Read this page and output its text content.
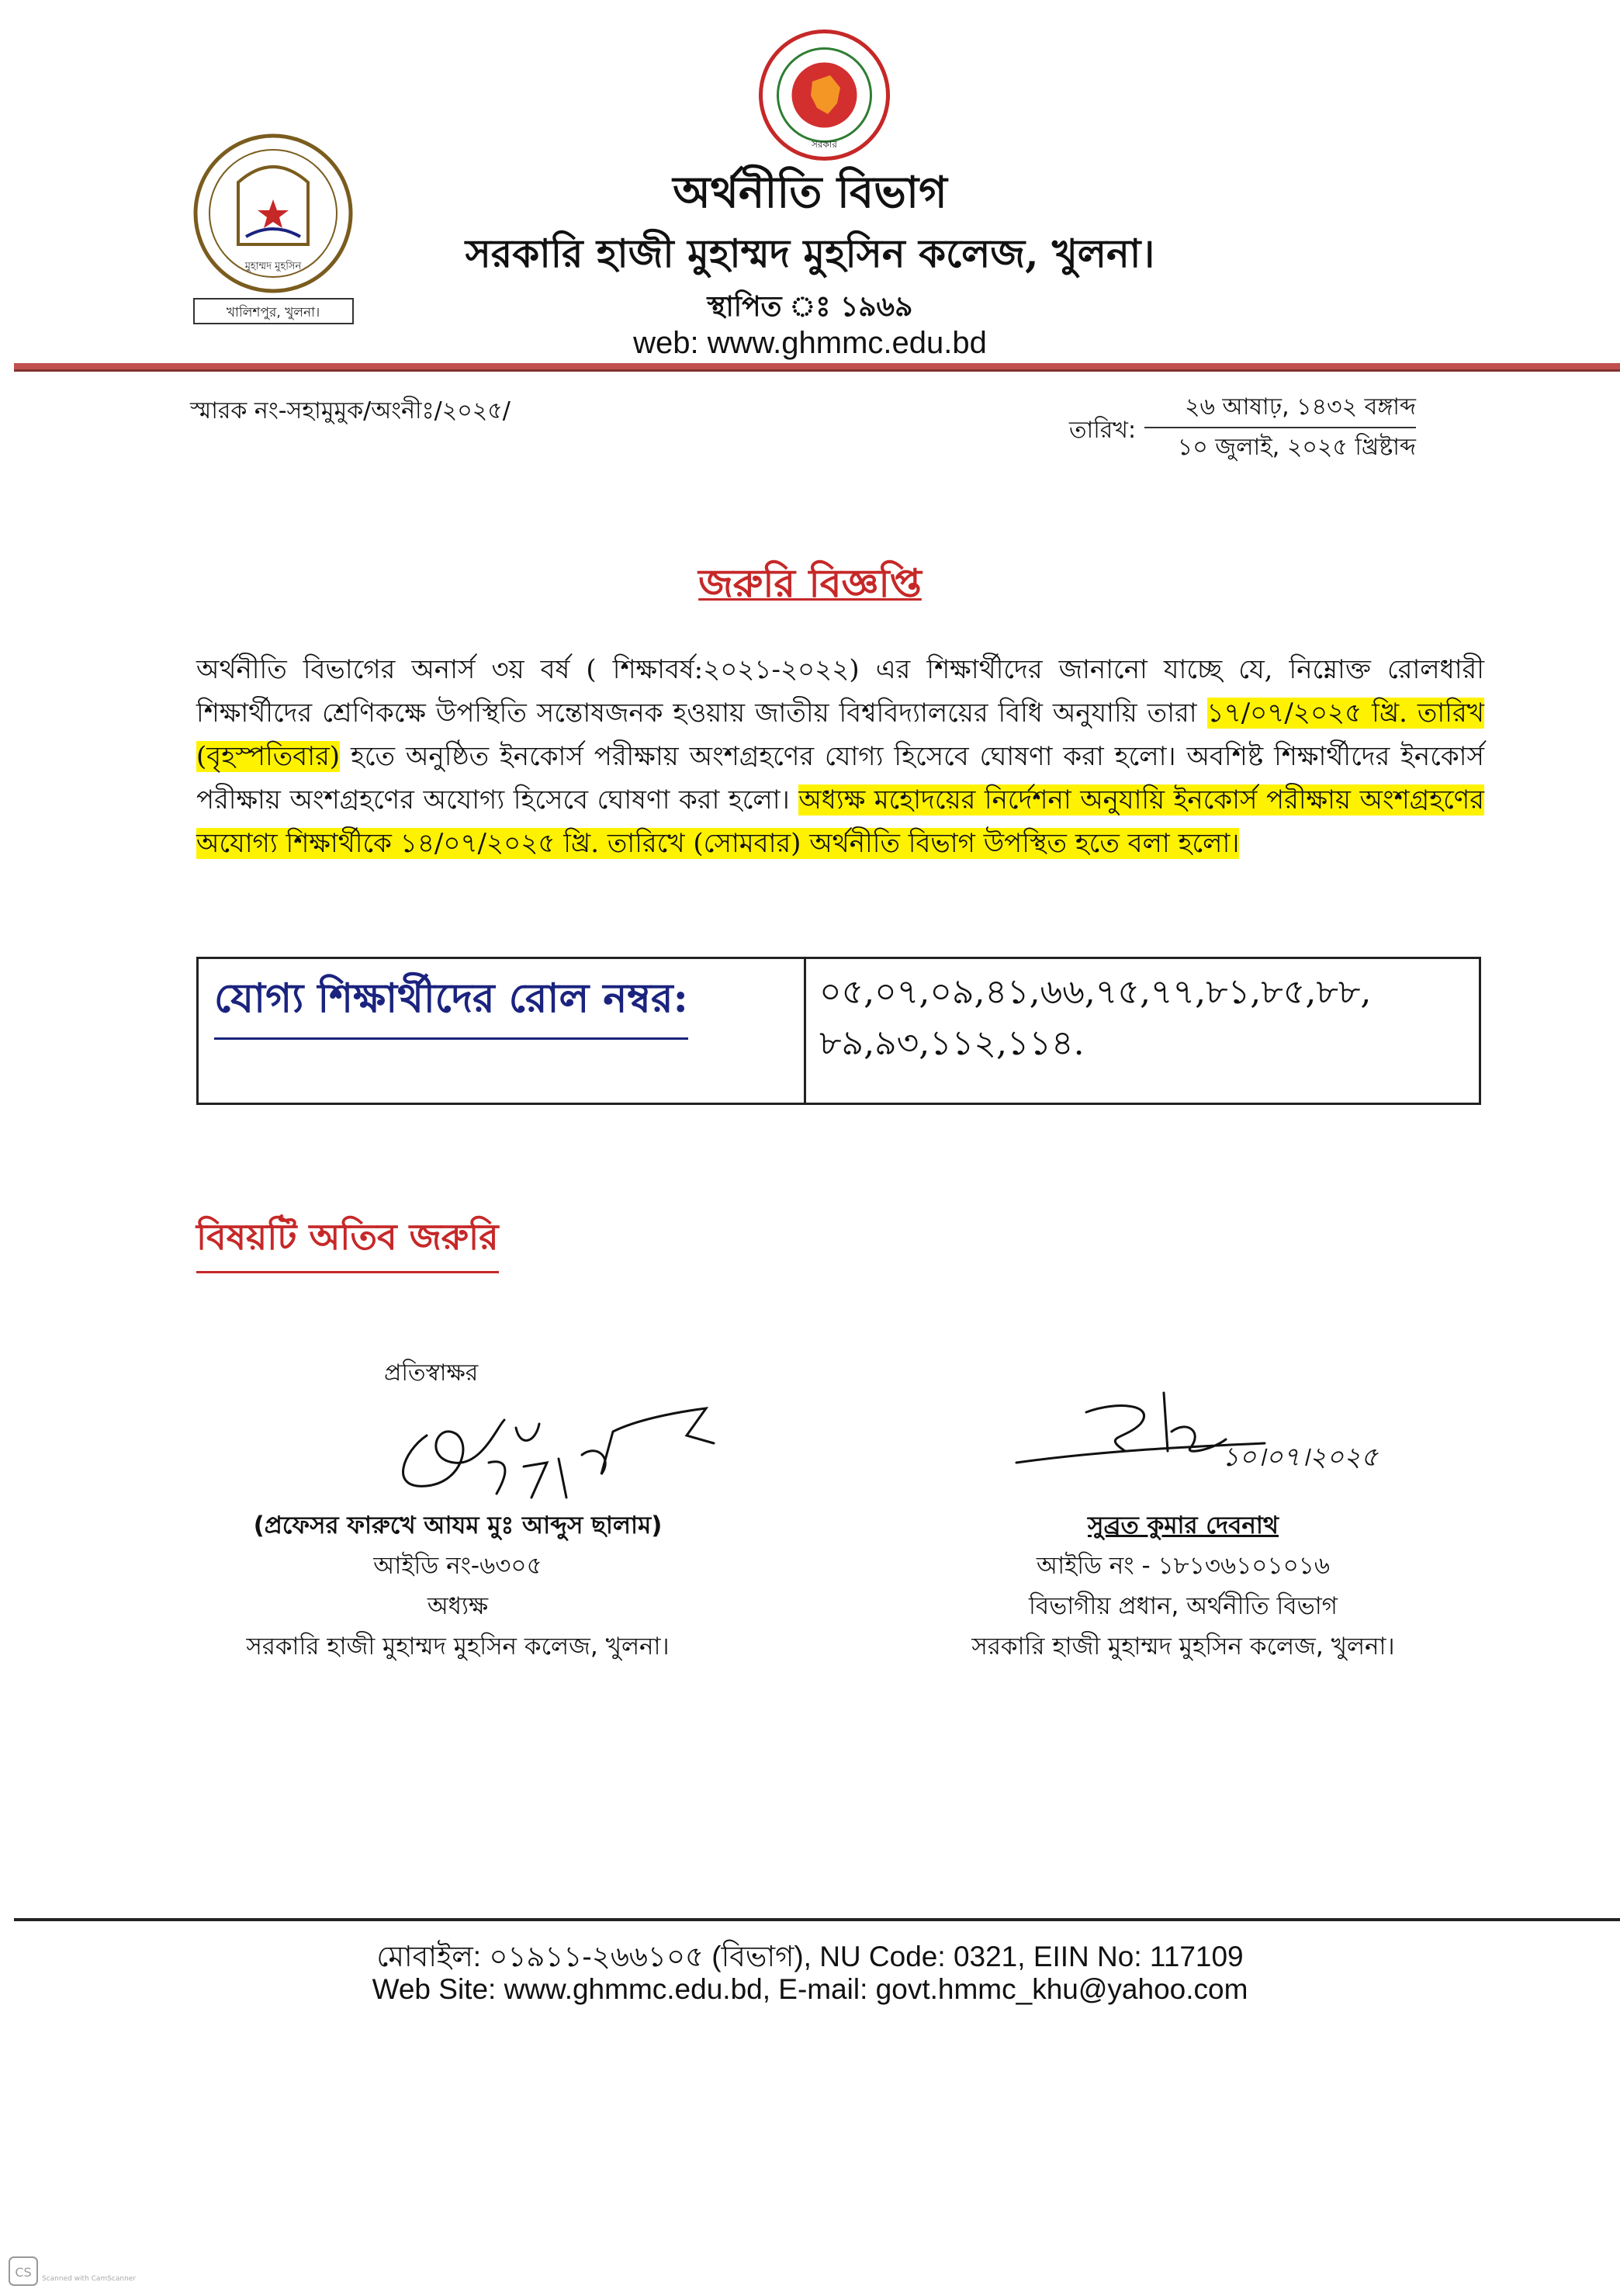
সরকার
মুহাম্মদ মুহসিন
খালিশপুর, খুলনা।
অর্থনীতি বিভাগ
সরকারি হাজী মুহাম্মদ মুহসিন কলেজ, খুলনা।
স্থাপিত ঃ ১৯৬৯
web: www.ghmmc.edu.bd
স্মারক নং-সহামুমুক/অংনীঃ/২০২৫/
তারিখ:
২৬ আষাঢ়, ১৪৩২ বঙ্গাব্দ
১০ জুলাই, ২০২৫ খ্রিষ্টাব্দ
জরুরি বিজ্ঞপ্তি
অর্থনীতি বিভাগের অনার্স ৩য় বর্ষ ( শিক্ষাবর্ষ:২০২১-২০২২) এর শিক্ষার্থীদের জানানো যাচ্ছে যে, নিম্নোক্ত রোলধারী শিক্ষার্থীদের শ্রেণিকক্ষে উপস্থিতি সন্তোষজনক হওয়ায় জাতীয় বিশ্ববিদ্যালয়ের বিধি অনুযায়ি তারা ১৭/০৭/২০২৫ খ্রি. তারিখ (বৃহস্পতিবার) হতে অনুষ্ঠিত ইনকোর্স পরীক্ষায় অংশগ্রহণের যোগ্য হিসেবে ঘোষণা করা হলো। অবশিষ্ট শিক্ষার্থীদের ইনকোর্স পরীক্ষায় অংশগ্রহণের অযোগ্য হিসেবে ঘোষণা করা হলো। অধ্যক্ষ মহোদয়ের নির্দেশনা অনুযায়ি ইনকোর্স পরীক্ষায় অংশগ্রহণের অযোগ্য শিক্ষার্থীকে ১৪/০৭/২০২৫ খ্রি. তারিখে (সোমবার) অর্থনীতি বিভাগ উপস্থিত হতে বলা হলো।
যোগ্য শিক্ষার্থীদের রোল নম্বর:	০৫,০৭,০৯,৪১,৬৬,৭৫,৭৭,৮১,৮৫,৮৮, ৮৯,৯৩,১১২,১১৪.
বিষয়টি অতিব জরুরি
প্রতিস্বাক্ষর
১০।০৭।২০২৫
(প্রফেসর ফারুখে আযম মুঃ আব্দুস ছালাম)
আইডি নং-৬৩০৫
অধ্যক্ষ
সরকারি হাজী মুহাম্মদ মুহসিন কলেজ, খুলনা।
সুব্রত কুমার দেবনাথ
আইডি নং - ১৮১৩৬১০১০১৬
বিভাগীয় প্রধান, অর্থনীতি বিভাগ
সরকারি হাজী মুহাম্মদ মুহসিন কলেজ, খুলনা।
মোবাইল: ০১৯১১-২৬৬১০৫ (বিভাগ), NU Code: 0321, EIIN No: 117109
Web Site: www.ghmmc.edu.bd, E-mail: govt.hmmc_khu@yahoo.com
CS Scanned with CamScanner
